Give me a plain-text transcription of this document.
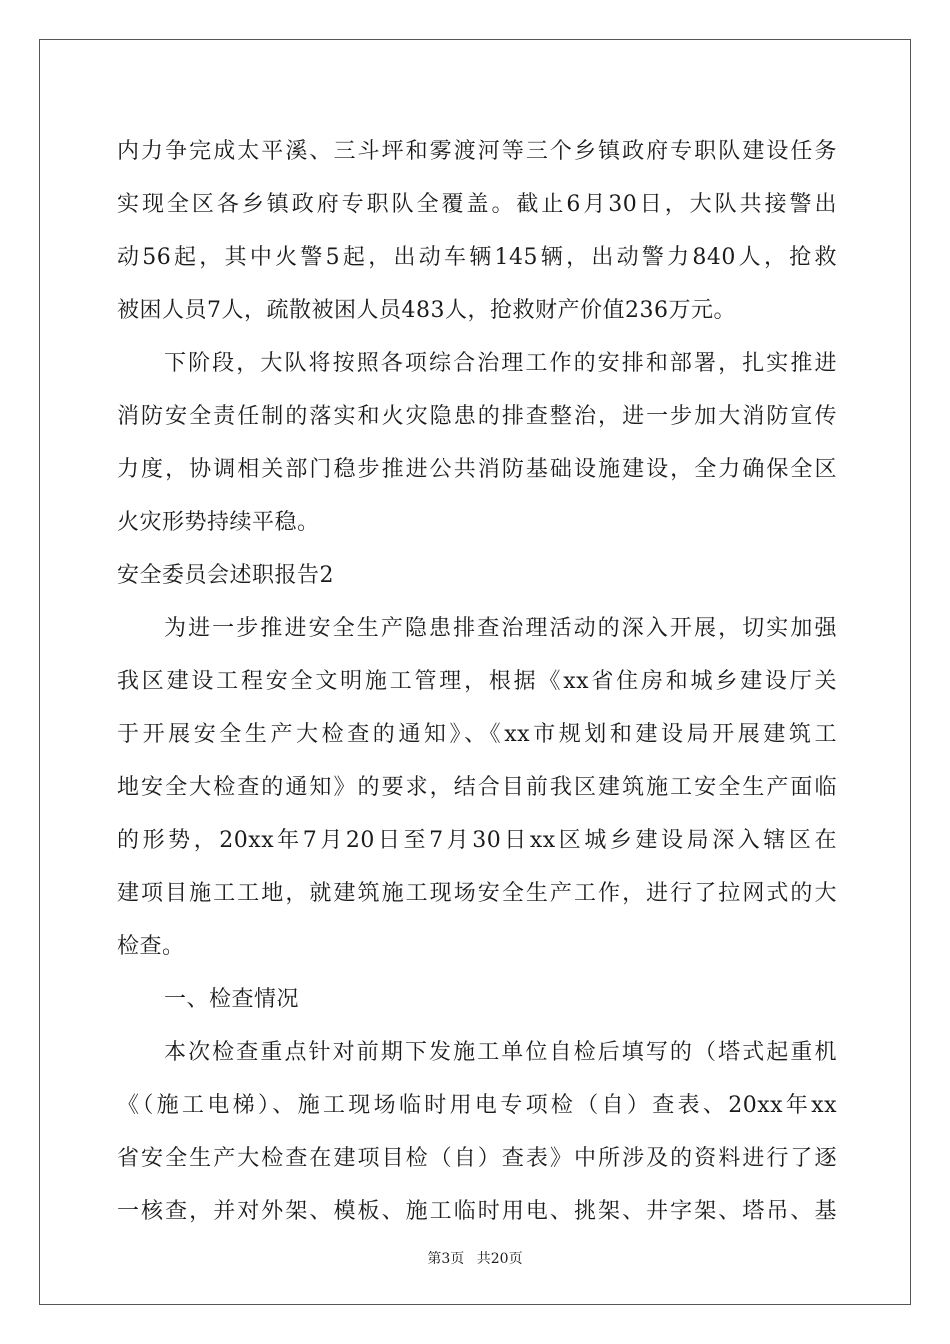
内力争完成太平溪、三斗坪和雾渡河等三个乡镇政府专职队建设任务
实现全区各乡镇政府专职队全覆盖。截止6月30日，大队共接警出
动56起，其中火警5起，出动车辆145辆，出动警力840人，抢救
被困人员7人，疏散被困人员483人，抢救财产价值236万元。
下阶段，大队将按照各项综合治理工作的安排和部署，扎实推进
消防安全责任制的落实和火灾隐患的排查整治，进一步加大消防宣传
力度，协调相关部门稳步推进公共消防基础设施建设，全力确保全区
火灾形势持续平稳。
安全委员会述职报告2
为进一步推进安全生产隐患排查治理活动的深入开展，切实加强
我区建设工程安全文明施工管理，根据《xx省住房和城乡建设厅关
于开展安全生产大检查的通知》、《xx市规划和建设局开展建筑工
地安全大检查的通知》的要求，结合目前我区建筑施工安全生产面临
的形势，20xx年7月20日至7月30日xx区城乡建设局深入辖区在
建项目施工工地，就建筑施工现场安全生产工作，进行了拉网式的大
检查。
一、检查情况
本次检查重点针对前期下发施工单位自检后填写的（塔式起重机
《（施工电梯）、施工现场临时用电专项检（自）查表、20xx年xx
省安全生产大检查在建项目检（自）查表》中所涉及的资料进行了逐
一核查，并对外架、模板、施工临时用电、挑架、井字架、塔吊、基
第3页 共20页
